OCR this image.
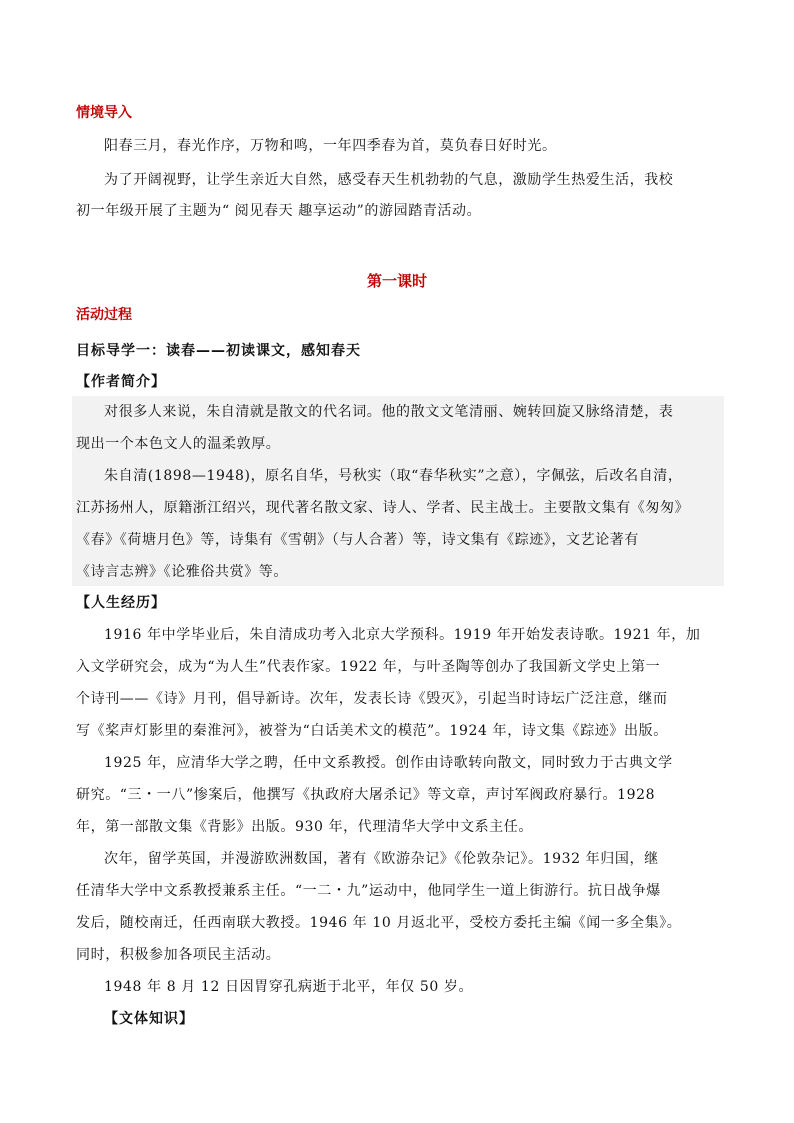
情境导入
阳春三月，春光作序，万物和鸣，一年四季春为首，莫负春日好时光。
为了开阔视野，让学生亲近大自然，感受春天生机勃勃的气息，激励学生热爱生活，我校
初一年级开展了主题为“ 阅见春天 趣享运动”的游园踏青活动。
第一课时
活动过程
目标导学一：读春——初读课文，感知春天
【作者简介】
对很多人来说，朱自清就是散文的代名词。他的散文文笔清丽、婉转回旋又脉络清楚，表
现出一个本色文人的温柔敦厚。
朱自清(1898—1948)，原名自华，号秋实（取“春华秋实”之意），字佩弦，后改名自清，
江苏扬州人，原籍浙江绍兴，现代著名散文家、诗人、学者、民主战士。主要散文集有《匆匆》
《春》《荷塘月色》等，诗集有《雪朝》（与人合著）等，诗文集有《踪迹》，文艺论著有
《诗言志辨》《论雅俗共赏》等。
【人生经历】
1916 年中学毕业后，朱自清成功考入北京大学预科。1919 年开始发表诗歌。1921 年，加
入文学研究会，成为“为人生”代表作家。1922 年，与叶圣陶等创办了我国新文学史上第一
个诗刊——《诗》月刊，倡导新诗。次年，发表长诗《毁灭》，引起当时诗坛广泛注意，继而
写《桨声灯影里的秦淮河》，被誉为“白话美术文的模范”。1924 年，诗文集《踪迹》出版。
1925 年，应清华大学之聘，任中文系教授。创作由诗歌转向散文，同时致力于古典文学
研究。“三・一八”惨案后，他撰写《执政府大屠杀记》等文章，声讨军阀政府暴行。1928
年，第一部散文集《背影》出版。930 年，代理清华大学中文系主任。
次年，留学英国，并漫游欧洲数国，著有《欧游杂记》《伦敦杂记》。1932 年归国，继
任清华大学中文系教授兼系主任。“一二・九”运动中，他同学生一道上街游行。抗日战争爆
发后，随校南迁，任西南联大教授。1946 年 10 月返北平，受校方委托主编《闻一多全集》。
同时，积极参加各项民主活动。
1948 年 8 月 12 日因胃穿孔病逝于北平，年仅 50 岁。
【文体知识】
